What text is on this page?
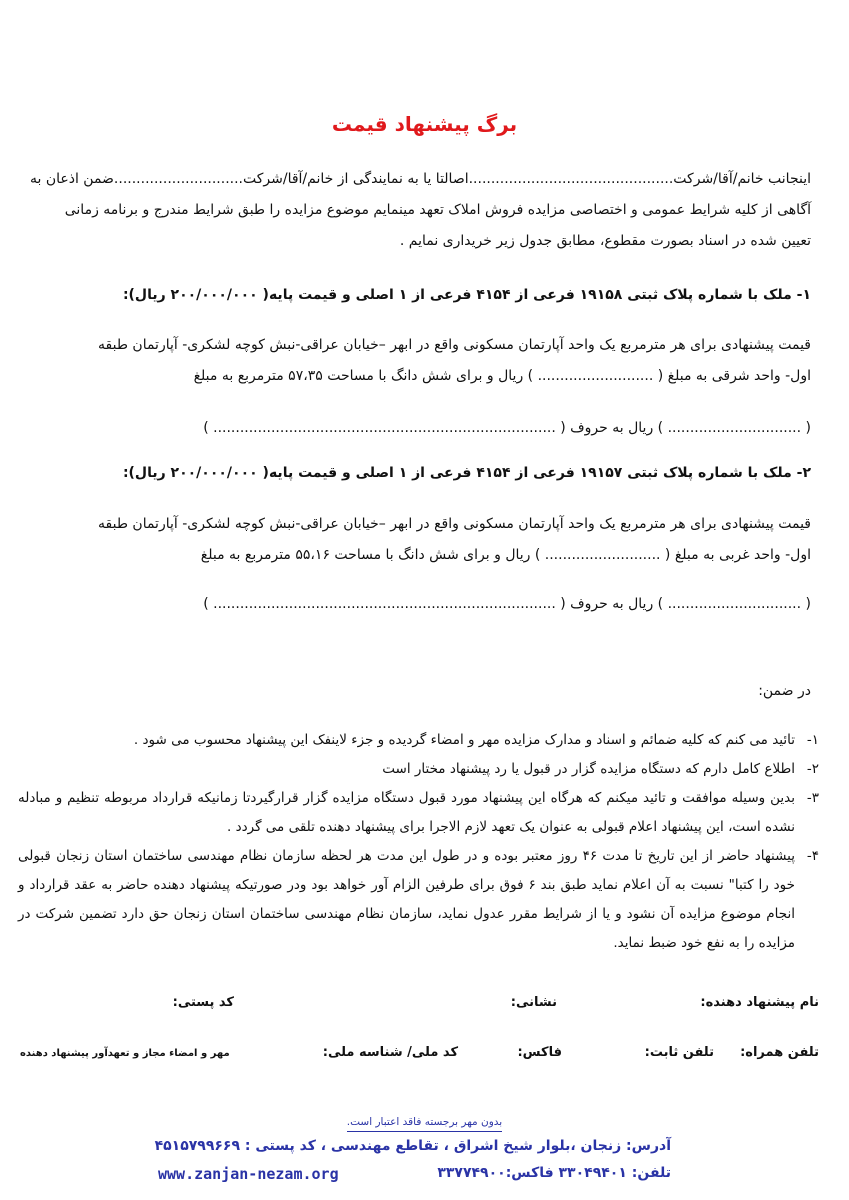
برگ پیشنهاد قیمت
اینجانب خانم/آقا/شرکت..............................................اصالتا یا به نمایندگی از خانم/آقا/شرکت.............................ضمن اذعان به
آگاهی از کلیه شرایط عمومی و اختصاصی مزایده فروش املاک تعهد مینمایم موضوع مزایده را طبق شرایط مندرج و برنامه زمانی
تعیین شده در اسناد بصورت مقطوع، مطابق جدول زیر خریداری نمایم .
۱- ملک با شماره پلاک ثبتی ۱۹۱۵۸ فرعی از ۴۱۵۴ فرعی از ۱ اصلی و قیمت پایه( ۲۰۰/۰۰۰/۰۰۰ ریال):
قیمت پیشنهادی برای هر مترمربع یک واحد آپارتمان مسکونی واقع در ابهر –خیابان عراقی-نبش کوچه لشکری- آپارتمان طبقه
اول- واحد شرقی به مبلغ ( .......................... ) ریال و برای شش دانگ با مساحت ۵۷،۳۵ مترمربع به مبلغ
( .............................. ) ریال به حروف ( ............................................................................. )
۲- ملک با شماره پلاک ثبتی ۱۹۱۵۷ فرعی از ۴۱۵۴ فرعی از ۱ اصلی و قیمت پایه( ۲۰۰/۰۰۰/۰۰۰ ریال):
قیمت پیشنهادی برای هر مترمربع یک واحد آپارتمان مسکونی واقع در ابهر –خیابان عراقی-نبش کوچه لشکری- آپارتمان طبقه
اول- واحد غربی به مبلغ ( .......................... ) ریال و برای شش دانگ با مساحت ۵۵،۱۶ مترمربع به مبلغ
( .............................. ) ریال به حروف ( ............................................................................. )
در ضمن:
۱-
تائید می کنم که کلیه ضمائم و اسناد و مدارک مزایده مهر و امضاء گردیده و جزء لاینفک این پیشنهاد محسوب می شود .
۲-
اطلاع کامل دارم که دستگاه مزایده گزار در قبول یا رد پیشنهاد مختار است
۳-
بدین وسیله موافقت و تائید میکنم که هرگاه این پیشنهاد مورد قبول دستگاه مزایده گزار قرارگیردتا زمانیکه قرارداد مربوطه تنظیم و مبادله نشده است، این پیشنهاد اعلام قبولی به عنوان یک تعهد لازم الاجرا برای پیشنهاد دهنده تلقی می گردد .
۴-
پیشنهاد حاضر از این تاریخ تا مدت ۴۶ روز معتبر بوده و در طول این مدت هر لحظه سازمان نظام مهندسی ساختمان استان زنجان قبولی خود را کتبا" نسبت به آن اعلام نماید طبق بند ۶ فوق برای طرفین الزام آور خواهد بود ودر صورتیکه پیشنهاد دهنده حاضر به عقد قرارداد و انجام موضوع مزایده آن نشود و یا از شرایط مقرر عدول نماید، سازمان نظام مهندسی ساختمان استان زنجان حق دارد تضمین شرکت در مزایده را به نفع خود ضبط نماید.
نام پیشنهاد دهنده:
نشانی:
کد پستی:
تلفن همراه:
تلفن ثابت:
فاکس:
کد ملی/ شناسه ملی:
مهر و امضاء مجاز و تعهدآور پیشنهاد دهنده
بدون مهر برجسته فاقد اعتبار است.
آدرس: زنجان ،بلوار شیخ اشراق ، تقاطع مهندسی ، کد پستی : ۴۵۱۵۷۹۹۶۶۹
تلفن: ۳۳۰۴۹۴۰۱ فاکس:۳۳۷۷۴۹۰۰
www.zanjan-nezam.org
